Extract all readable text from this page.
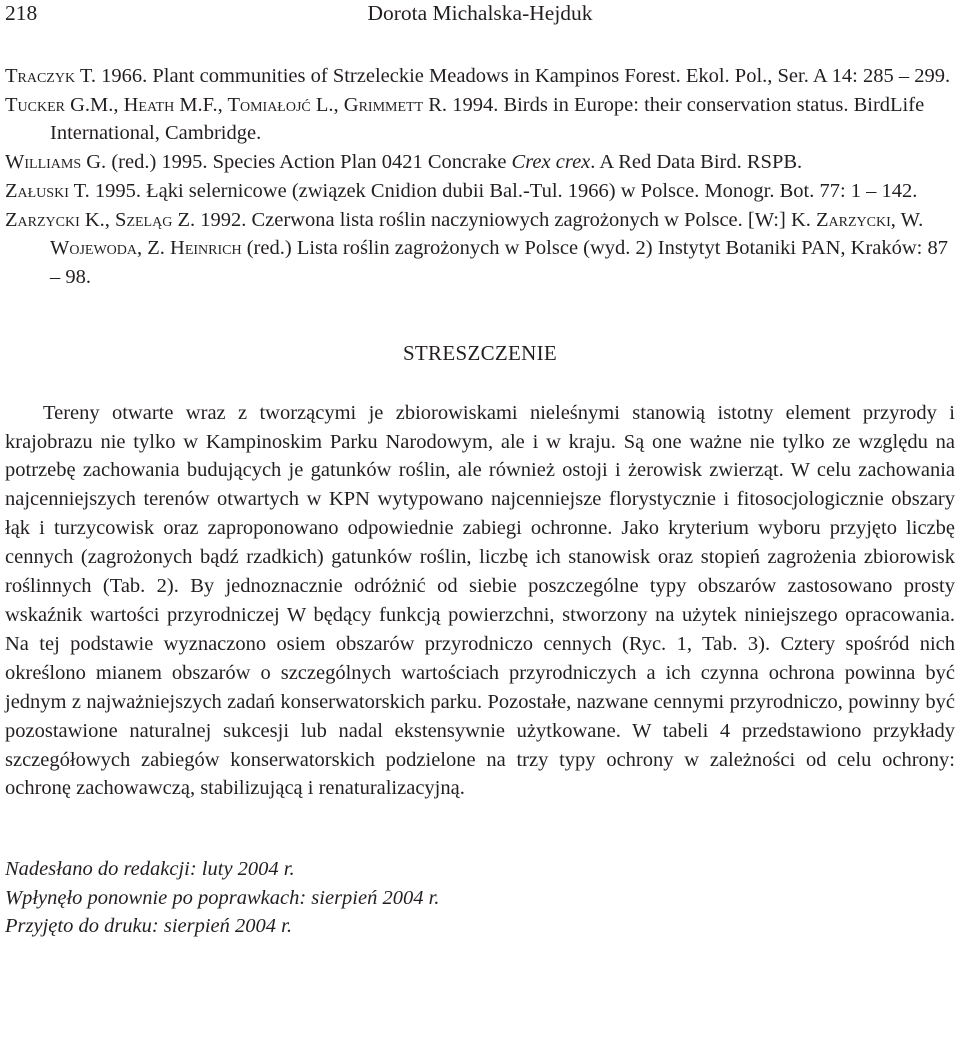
218	Dorota Michalska-Hejduk
Traczyk T. 1966. Plant communities of Strzeleckie Meadows in Kampinos Forest. Ekol. Pol., Ser. A 14: 285 – 299.
Tucker G.M., Heath M.F., Tomiałojć L., Grimmett R. 1994. Birds in Europe: their conservation status. BirdLife International, Cambridge.
Williams G. (red.) 1995. Species Action Plan 0421 Concrake Crex crex. A Red Data Bird. RSPB.
Załuski T. 1995. Łąki selernicowe (związek Cnidion dubii Bal.-Tul. 1966) w Polsce. Monogr. Bot. 77: 1 – 142.
Zarzycki K., Szeląg Z. 1992. Czerwona lista roślin naczyniowych zagrożonych w Polsce. [W:] K. Zarzycki, W. Wojewoda, Z. Heinrich (red.) Lista roślin zagrożonych w Polsce (wyd. 2) Instytyt Botaniki PAN, Kraków: 87 – 98.
STRESZCZENIE
Tereny otwarte wraz z tworzącymi je zbiorowiskami nieleśnymi stanowią istotny element przyrody i krajobrazu nie tylko w Kampinoskim Parku Narodowym, ale i w kraju. Są one ważne nie tylko ze względu na potrzebę zachowania budujących je gatunków roślin, ale również ostoji i żerowisk zwierząt. W celu zachowania najcenniejszych terenów otwartych w KPN wytypowano najcenniejsze florystycznie i fitosocjologicznie obszary łąk i turzycowisk oraz zaproponowano odpowiednie zabiegi ochronne. Jako kryterium wyboru przyjęto liczbę cennych (zagrożonych bądź rzadkich) gatunków roślin, liczbę ich stanowisk oraz stopień zagrożenia zbiorowisk roślinnych (Tab. 2). By jednoznacznie odróżnić od siebie poszczególne typy obszarów zastosowano prosty wskaźnik wartości przyrodniczej W będący funkcją powierzchni, stworzony na użytek niniejszego opracowania. Na tej podstawie wyznaczono osiem obszarów przyrodniczo cennych (Ryc. 1, Tab. 3). Cztery spośród nich określono mianem obszarów o szczególnych wartościach przyrodniczych a ich czynna ochrona powinna być jednym z najważniejszych zadań konserwatorskich parku. Pozostałe, nazwane cennymi przyrodniczo, powinny być pozostawione naturalnej sukcesji lub nadal ekstensywnie użytkowane. W tabeli 4 przedstawiono przykłady szczegółowych zabiegów konserwatorskich podzielone na trzy typy ochrony w zależności od celu ochrony: ochronę zachowawczą, stabilizującą i renaturalizacyjną.
Nadesłano do redakcji: luty 2004 r.
Wpłynęło ponownie po poprawkach: sierpień 2004 r.
Przyjęto do druku: sierpień 2004 r.
